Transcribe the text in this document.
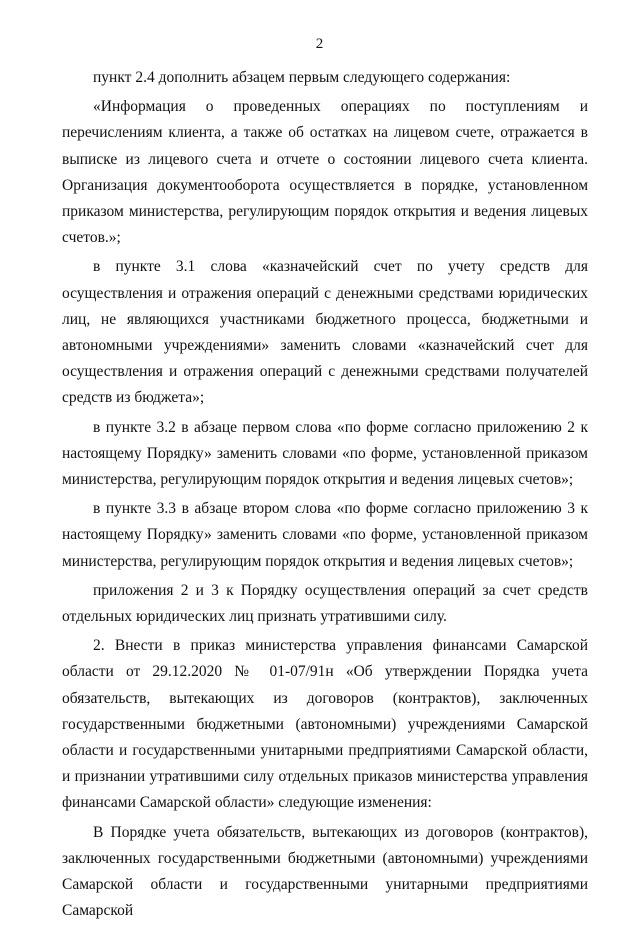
2

пункт 2.4 дополнить абзацем первым следующего содержания:

«Информация о проведенных операциях по поступлениям и перечислениям клиента, а также об остатках на лицевом счете, отражается в выписке из лицевого счета и отчете о состоянии лицевого счета клиента. Организация документооборота осуществляется в порядке, установленном приказом министерства, регулирующим порядок открытия и ведения лицевых счетов.»;

в пункте 3.1 слова «казначейский счет по учету средств для осуществления и отражения операций с денежными средствами юридических лиц, не являющихся участниками бюджетного процесса, бюджетными и автономными учреждениями» заменить словами «казначейский счет для осуществления и отражения операций с денежными средствами получателей средств из бюджета»;

в пункте 3.2 в абзаце первом слова «по форме согласно приложению 2 к настоящему Порядку» заменить словами «по форме, установленной приказом министерства, регулирующим порядок открытия и ведения лицевых счетов»;

в пункте 3.3 в абзаце втором слова «по форме согласно приложению 3 к настоящему Порядку» заменить словами «по форме, установленной приказом министерства, регулирующим порядок открытия и ведения лицевых счетов»;

приложения 2 и 3 к Порядку осуществления операций за счет средств отдельных юридических лиц признать утратившими силу.

2. Внести в приказ министерства управления финансами Самарской области от 29.12.2020 № 01-07/91н «Об утверждении Порядка учета обязательств, вытекающих из договоров (контрактов), заключенных государственными бюджетными (автономными) учреждениями Самарской области и государственными унитарными предприятиями Самарской области, и признании утратившими силу отдельных приказов министерства управления финансами Самарской области» следующие изменения:

В Порядке учета обязательств, вытекающих из договоров (контрактов), заключенных государственными бюджетными (автономными) учреждениями Самарской области и государственными унитарными предприятиями Самарской
